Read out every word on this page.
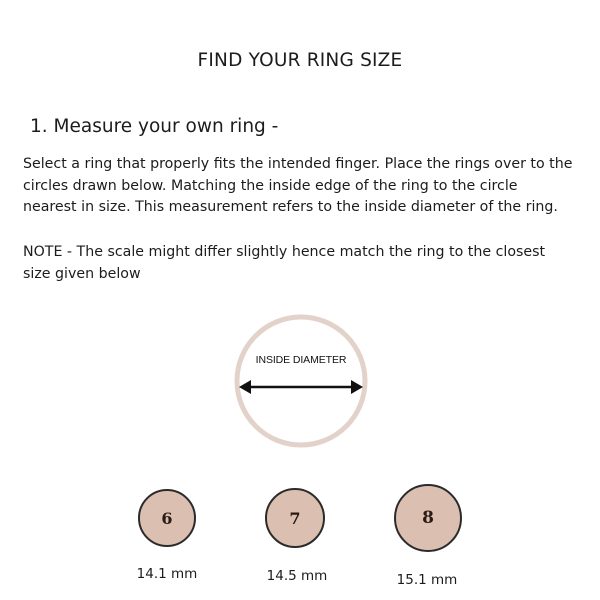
FIND YOUR RING SIZE
1. Measure your own ring -

Select a ring that properly fits the intended finger. Place the rings over to the circles drawn below. Matching the inside edge of the ring to the circle nearest in size. This measurement refers to the inside diameter of the ring.

NOTE - The scale might differ slightly hence match the ring to the closest size given below

INSIDE DIAMETER
6	7	8
14.1 mm	14.5 mm	15.1 mm
